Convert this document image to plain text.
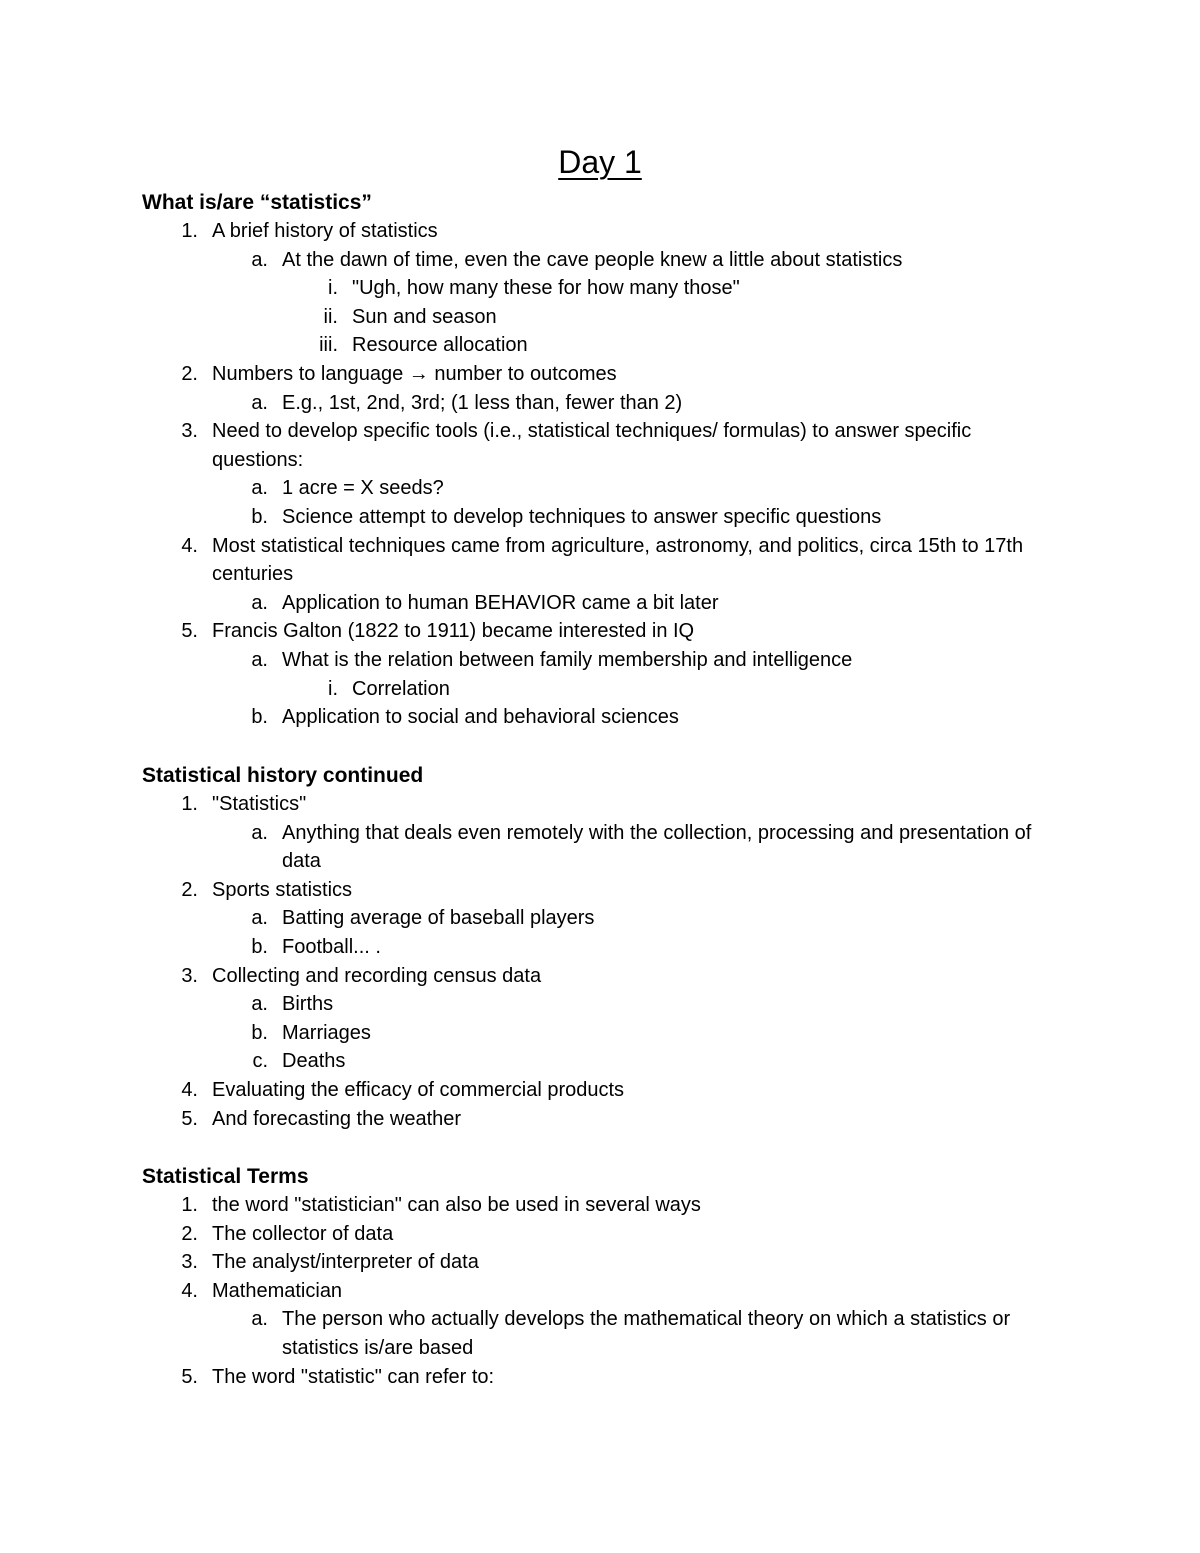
Day 1
What is/are “statistics”
1. A brief history of statistics
a. At the dawn of time, even the cave people knew a little about statistics
i. "Ugh, how many these for how many those"
ii. Sun and season
iii. Resource allocation
2. Numbers to language → number to outcomes
a. E.g., 1st, 2nd, 3rd; (1 less than, fewer than 2)
3. Need to develop specific tools (i.e., statistical techniques/ formulas) to answer specific questions:
a. 1 acre = X seeds?
b. Science attempt to develop techniques to answer specific questions
4. Most statistical techniques came from agriculture, astronomy, and politics, circa 15th to 17th centuries
a. Application to human BEHAVIOR came a bit later
5. Francis Galton (1822 to 1911) became interested in IQ
a. What is the relation between family membership and intelligence
i. Correlation
b. Application to social and behavioral sciences
Statistical history continued
1. "Statistics"
a. Anything that deals even remotely with the collection, processing and presentation of data
2. Sports statistics
a. Batting average of baseball players
b. Football... .
3. Collecting and recording census data
a. Births
b. Marriages
c. Deaths
4. Evaluating the efficacy of commercial products
5. And forecasting the weather
Statistical Terms
1. the word "statistician" can also be used in several ways
2. The collector of data
3. The analyst/interpreter of data
4. Mathematician
a. The person who actually develops the mathematical theory on which a statistics or statistics is/are based
5. The word "statistic" can refer to:
